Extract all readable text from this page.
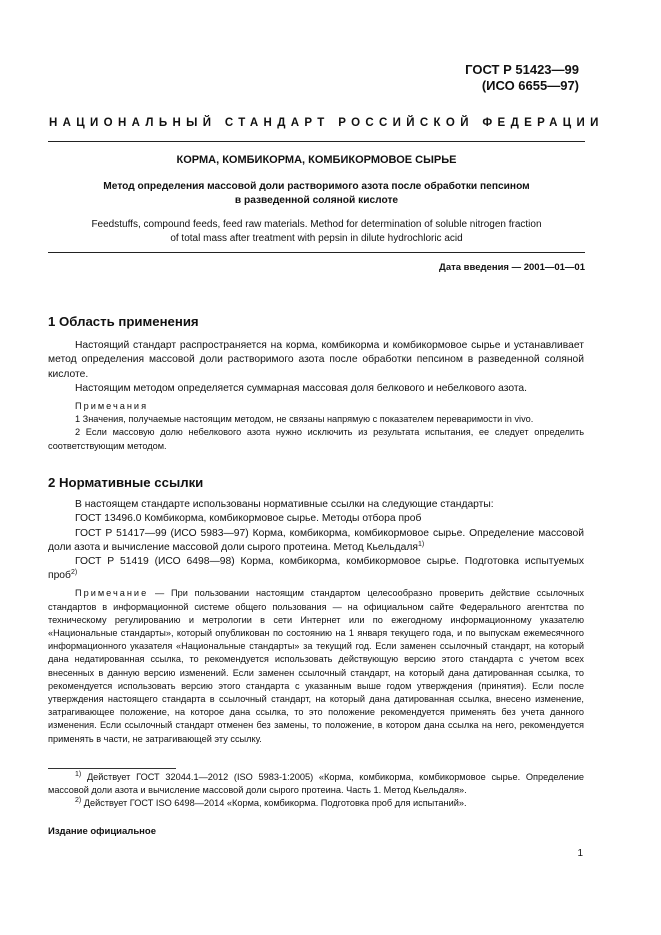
ГОСТ Р 51423—99
(ИСО 6655—97)
НАЦИОНАЛЬНЫЙ СТАНДАРТ РОССИЙСКОЙ ФЕДЕРАЦИИ
КОРМА, КОМБИКОРМА, КОМБИКОРМОВОЕ СЫРЬЕ
Метод определения массовой доли растворимого азота после обработки пепсином
в разведенной соляной кислоте
Feedstuffs, compound feeds, feed raw materials. Method for determination of soluble nitrogen fraction
of total mass after treatment with pepsin in dilute hydrochloric acid
Дата введения — 2001—01—01
1 Область применения

Настоящий стандарт распространяется на корма, комбикорма и комбикормовое сырье и устанавливает метод определения массовой доли растворимого азота после обработки пепсином в разведенной соляной кислоте.

Настоящим методом определяется суммарная массовая доля белкового и небелкового азота.

Примечания

1 Значения, получаемые настоящим методом, не связаны напрямую с показателем переваримости in vivo.

2 Если массовую долю небелкового азота нужно исключить из результата испытания, ее следует определить соответствующим методом.

2 Нормативные ссылки

В настоящем стандарте использованы нормативные ссылки на следующие стандарты:

ГОСТ 13496.0 Комбикорма, комбикормовое сырье. Методы отбора проб

ГОСТ Р 51417—99 (ИСО 5983—97) Корма, комбикорма, комбикормовое сырье. Определение массовой доли азота и вычисление массовой доли сырого протеина. Метод Кьельдаля$^{1)}$

ГОСТ Р 51419 (ИСО 6498—98) Корма, комбикорма, комбикормовое сырье. Подготовка испытуемых проб$^{2)}$

Примечание — При пользовании настоящим стандартом целесообразно проверить действие ссылочных стандартов в информационной системе общего пользования — на официальном сайте Федерального агентства по техническому регулированию и метрологии в сети Интернет или по ежегодному информационному указателю «Национальные стандарты», который опубликован по состоянию на 1 января текущего года, и по выпускам ежемесячного информационного указателя «Национальные стандарты» за текущий год. Если заменен ссылочный стандарт, на который дана недатированная ссылка, то рекомендуется использовать действующую версию этого стандарта с учетом всех внесенных в данную версию изменений. Если заменен ссылочный стандарт, на который дана датированная ссылка, то рекомендуется использовать версию этого стандарта с указанным выше годом утверждения (принятия). Если после утверждения настоящего стандарта в ссылочный стандарт, на который дана датированная ссылка, внесено изменение, затрагивающее положение, на которое дана ссылка, то это положение рекомендуется применять без учета данного изменения. Если ссылочный стандарт отменен без замены, то положение, в котором дана ссылка на него, рекомендуется применять в части, не затрагивающей эту ссылку.

$^{1)}$ Действует ГОСТ 32044.1—2012 (ISO 5983-1:2005) «Корма, комбикорма, комбикормовое сырье. Определение массовой доли азота и вычисление массовой доли сырого протеина. Часть 1. Метод Кьельдаля».

$^{2)}$ Действует ГОСТ ISO 6498—2014 «Корма, комбикорма. Подготовка проб для испытаний».

Издание официальное
1
